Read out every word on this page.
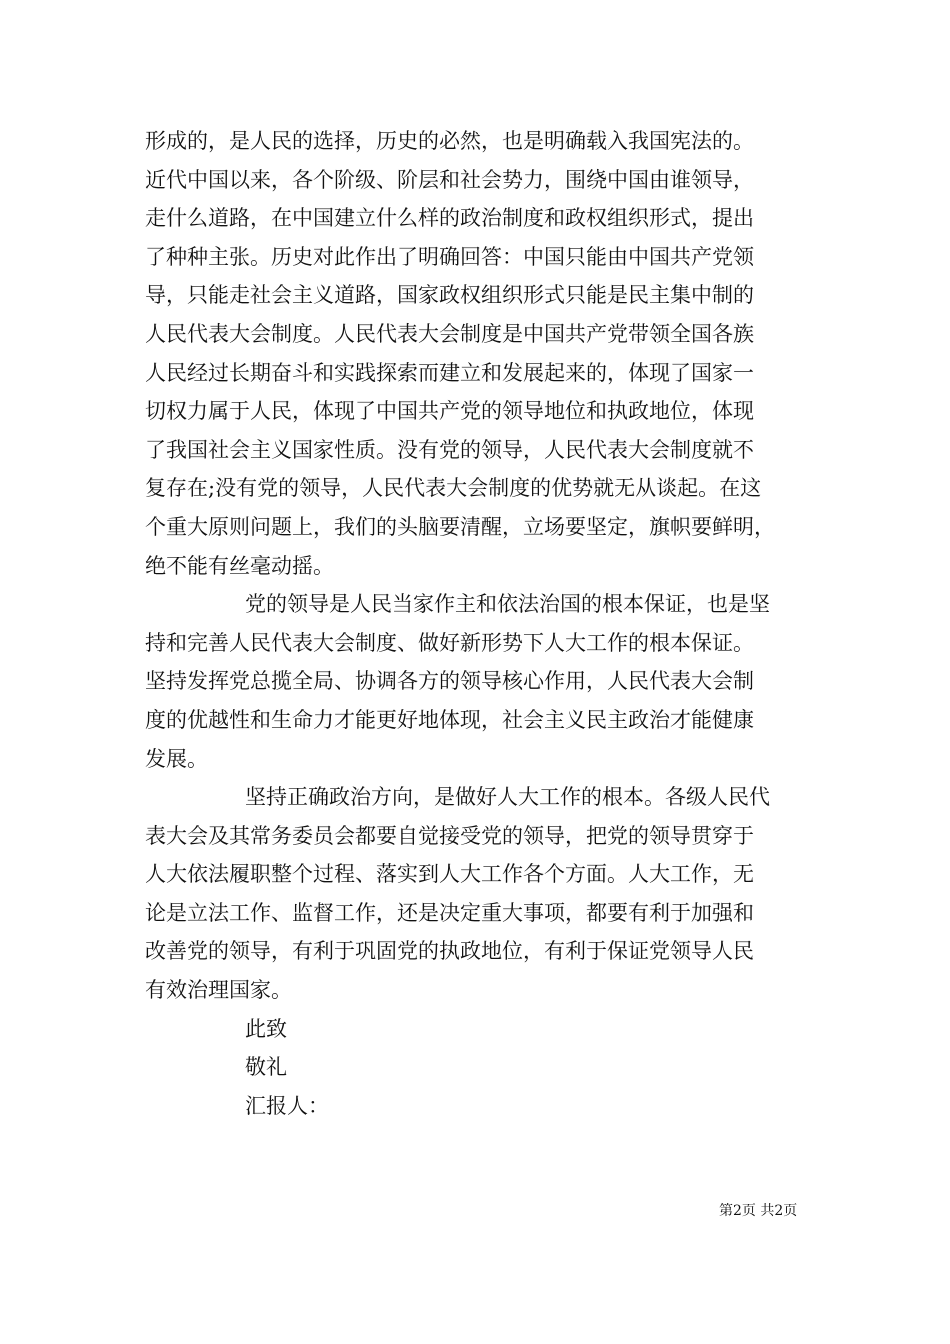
形成的，是人民的选择，历史的必然，也是明确载入我国宪法的。
近代中国以来，各个阶级、阶层和社会势力，围绕中国由谁领导，
走什么道路，在中国建立什么样的政治制度和政权组织形式，提出
了种种主张。历史对此作出了明确回答：中国只能由中国共产党领
导，只能走社会主义道路，国家政权组织形式只能是民主集中制的
人民代表大会制度。人民代表大会制度是中国共产党带领全国各族
人民经过长期奋斗和实践探索而建立和发展起来的，体现了国家一
切权力属于人民，体现了中国共产党的领导地位和执政地位，体现
了我国社会主义国家性质。没有党的领导，人民代表大会制度就不
复存在;没有党的领导，人民代表大会制度的优势就无从谈起。在这
个重大原则问题上，我们的头脑要清醒，立场要坚定，旗帜要鲜明，
绝不能有丝毫动摇。
党的领导是人民当家作主和依法治国的根本保证，也是坚
持和完善人民代表大会制度、做好新形势下人大工作的根本保证。
坚持发挥党总揽全局、协调各方的领导核心作用，人民代表大会制
度的优越性和生命力才能更好地体现，社会主义民主政治才能健康
发展。
坚持正确政治方向，是做好人大工作的根本。各级人民代
表大会及其常务委员会都要自觉接受党的领导，把党的领导贯穿于
人大依法履职整个过程、落实到人大工作各个方面。人大工作，无
论是立法工作、监督工作，还是决定重大事项，都要有利于加强和
改善党的领导，有利于巩固党的执政地位，有利于保证党领导人民
有效治理国家。
此致
敬礼
汇报人：
第2页 共2页
